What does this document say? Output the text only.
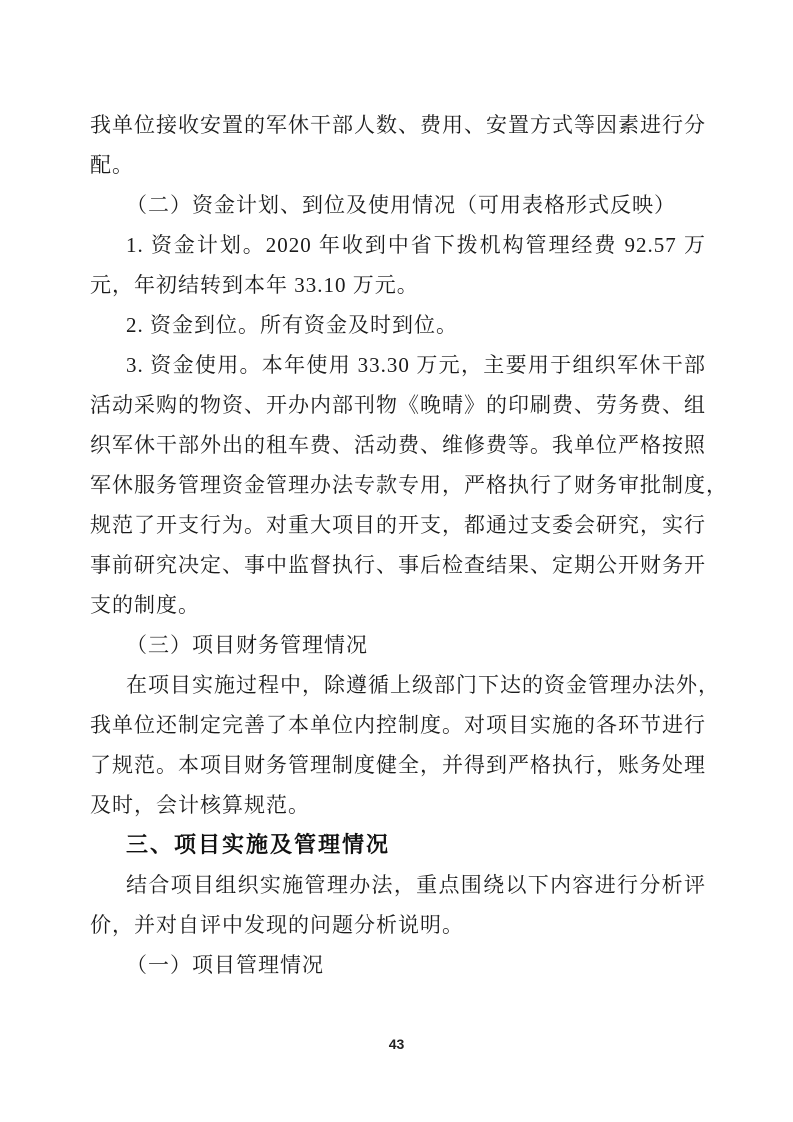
我单位接收安置的军休干部人数、费用、安置方式等因素进行分
配。
（二）资金计划、到位及使用情况（可用表格形式反映）
1. 资金计划。2020 年收到中省下拨机构管理经费 92.57 万
元，年初结转到本年 33.10 万元。
2. 资金到位。所有资金及时到位。
3. 资金使用。本年使用 33.30 万元，主要用于组织军休干部
活动采购的物资、开办内部刊物《晚晴》的印刷费、劳务费、组
织军休干部外出的租车费、活动费、维修费等。我单位严格按照
军休服务管理资金管理办法专款专用，严格执行了财务审批制度，
规范了开支行为。对重大项目的开支，都通过支委会研究，实行
事前研究决定、事中监督执行、事后检查结果、定期公开财务开
支的制度。
（三）项目财务管理情况
在项目实施过程中，除遵循上级部门下达的资金管理办法外，
我单位还制定完善了本单位内控制度。对项目实施的各环节进行
了规范。本项目财务管理制度健全，并得到严格执行，账务处理
及时，会计核算规范。
三、项目实施及管理情况
结合项目组织实施管理办法，重点围绕以下内容进行分析评
价，并对自评中发现的问题分析说明。
（一）项目管理情况
43
